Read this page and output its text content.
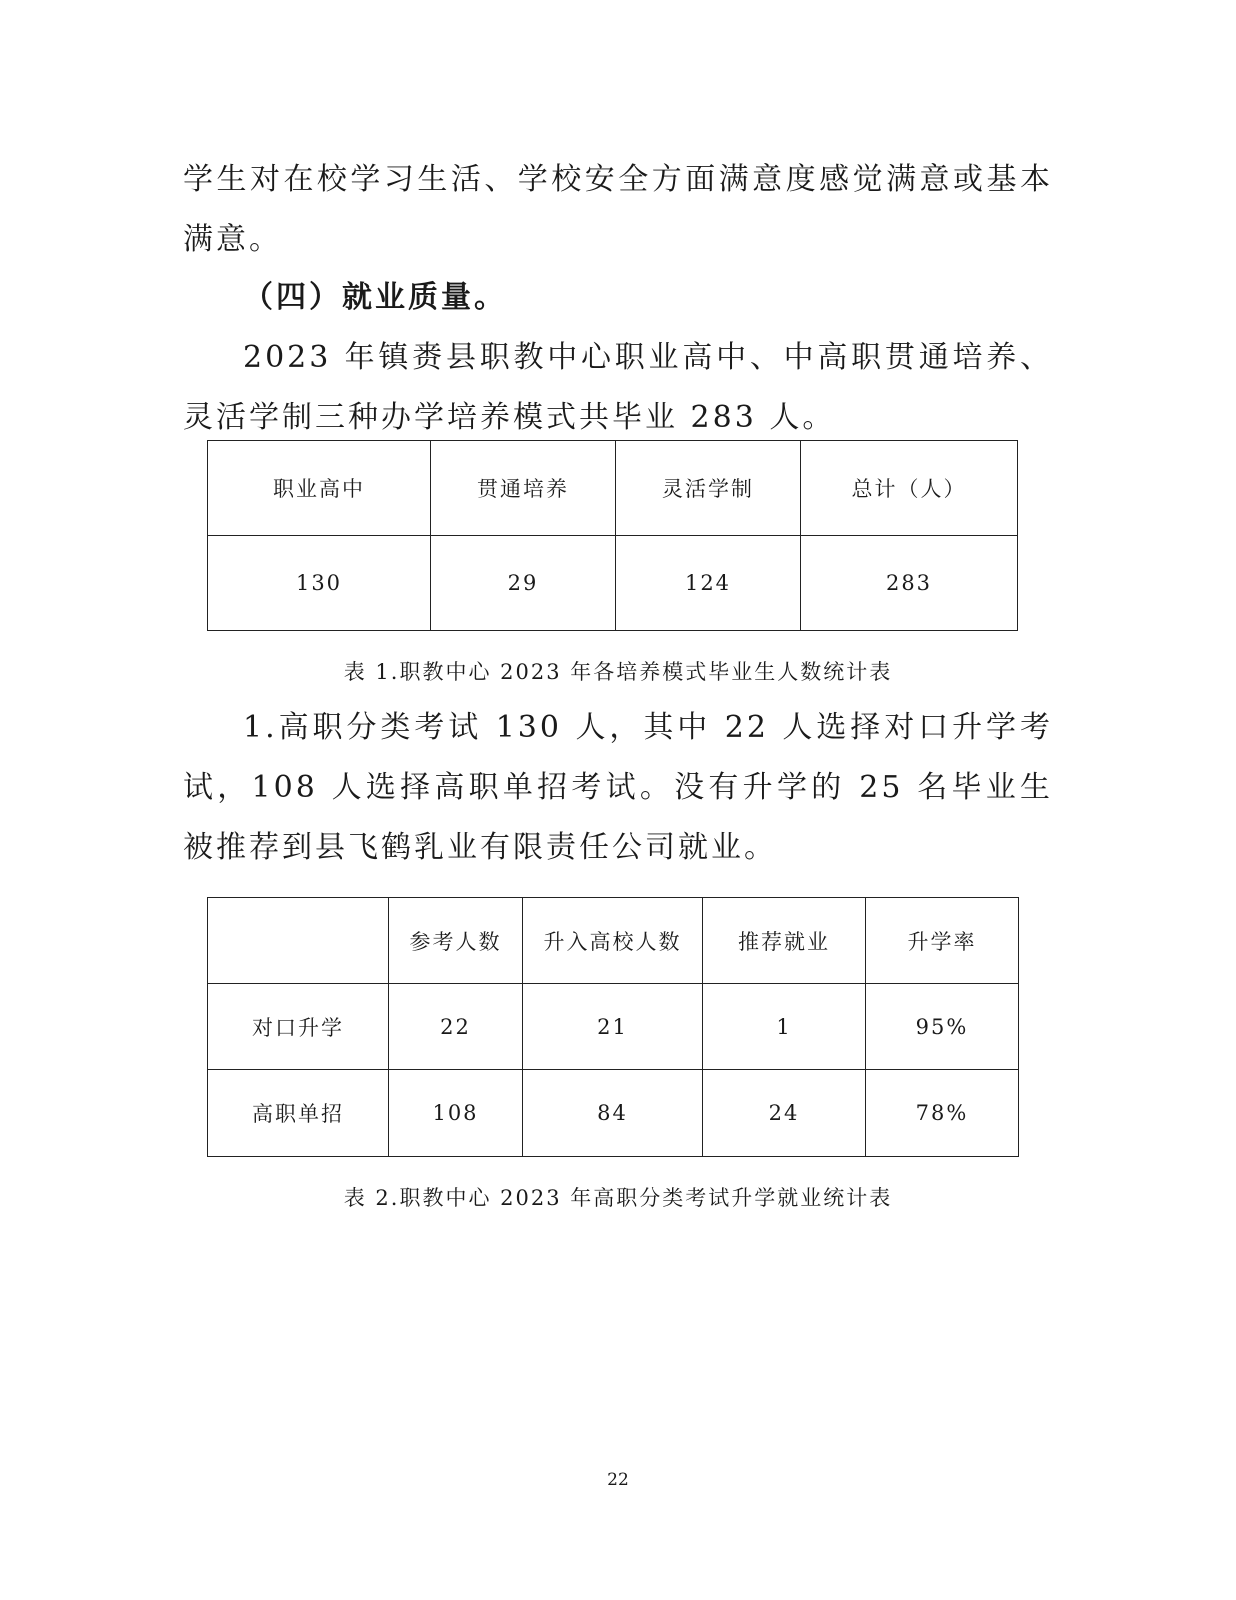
学生对在校学习生活、学校安全方面满意度感觉满意或基本满意。

（四）就业质量。

2023 年镇赉县职教中心职业高中、中高职贯通培养、灵活学制三种办学培养模式共毕业 283 人。

职业高中	贯通培养	灵活学制	总计（人）
130	29	124	283

表 1.职教中心 2023 年各培养模式毕业生人数统计表

1.高职分类考试 130 人，其中 22 人选择对口升学考试，108 人选择高职单招考试。没有升学的 25 名毕业生被推荐到县飞鹤乳业有限责任公司就业。

	参考人数	升入高校人数	推荐就业	升学率
对口升学	22	21	1	95%
高职单招	108	84	24	78%

表 2.职教中心 2023 年高职分类考试升学就业统计表

22
